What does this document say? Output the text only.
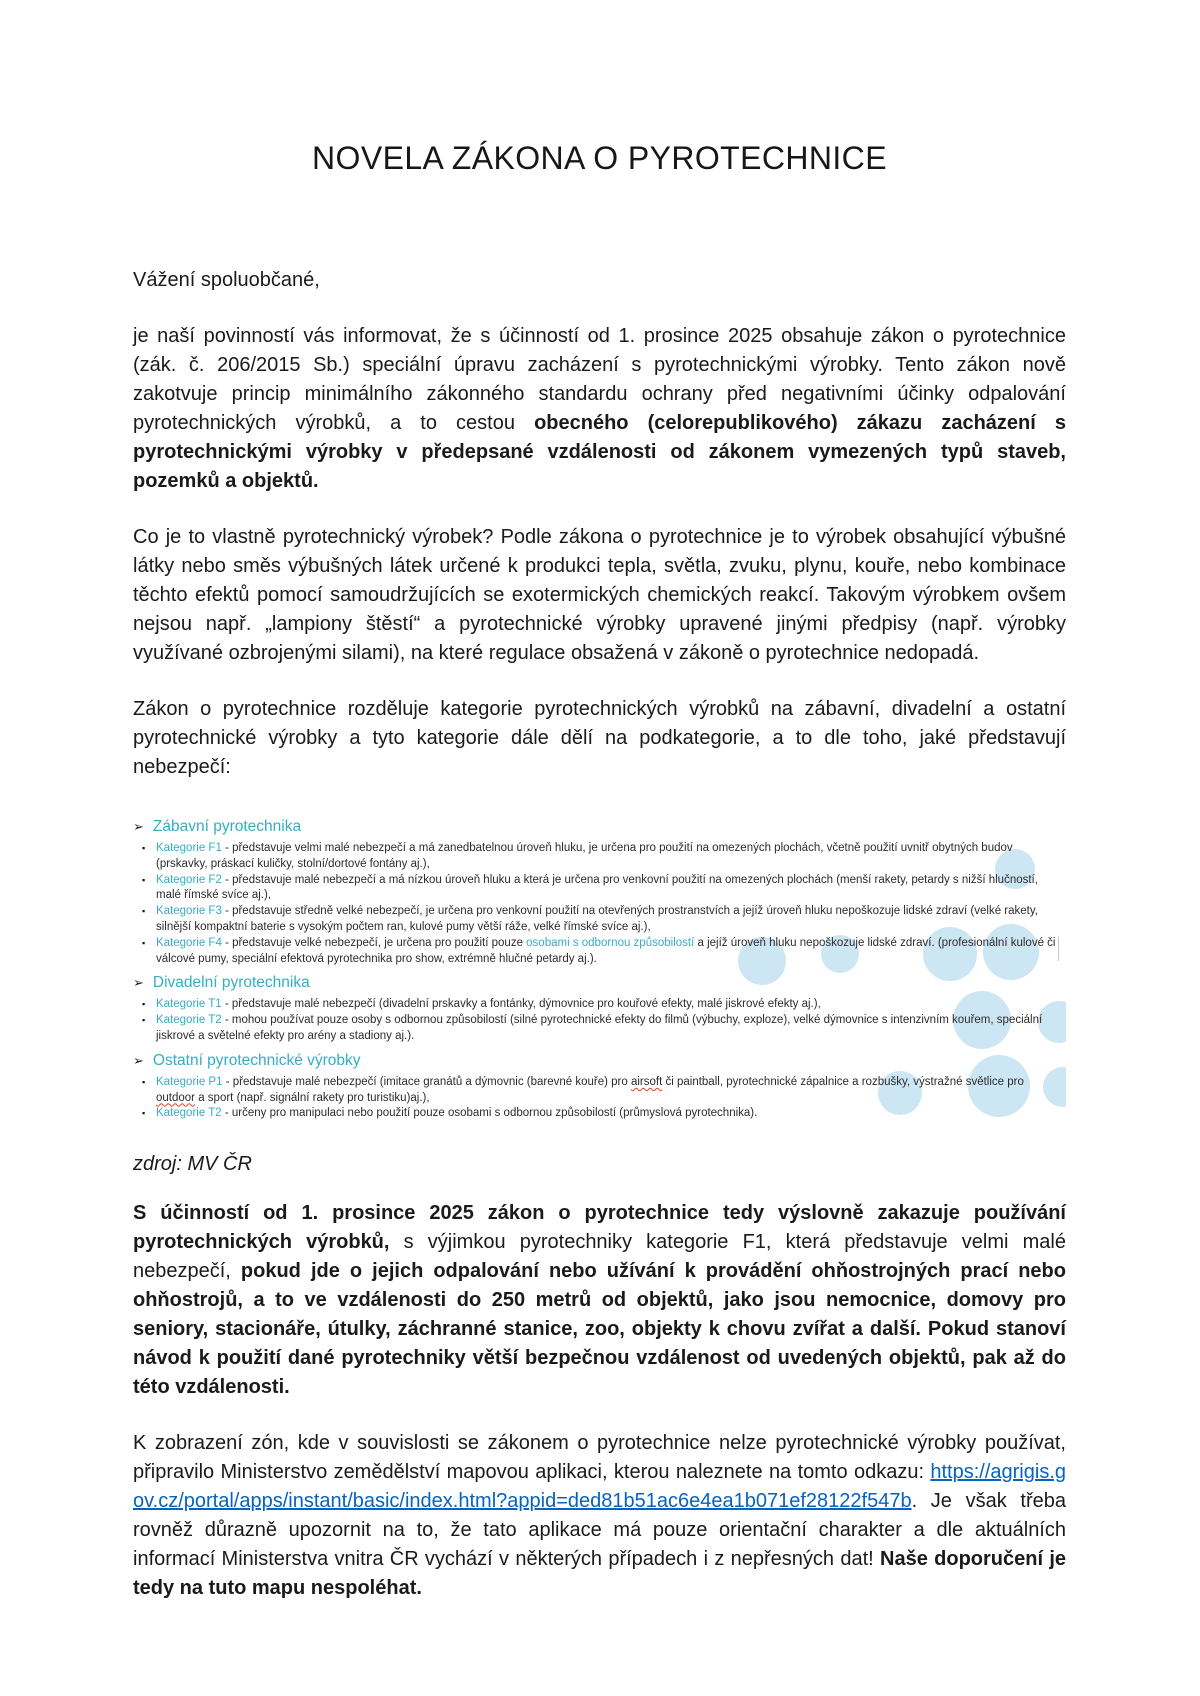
NOVELA ZÁKONA O PYROTECHNICE

Vážení spoluobčané,

je naší povinností vás informovat, že s účinností od 1. prosince 2025 obsahuje zákon o pyrotechnice (zák. č. 206/2015 Sb.) speciální úpravu zacházení s pyrotechnickými výrobky. Tento zákon nově zakotvuje princip minimálního zákonného standardu ochrany před negativními účinky odpalování pyrotechnických výrobků, a to cestou obecného (celorepublikového) zákazu zacházení s pyrotechnickými výrobky v předepsané vzdálenosti od zákonem vymezených typů staveb, pozemků a objektů.

Co je to vlastně pyrotechnický výrobek? Podle zákona o pyrotechnice je to výrobek obsahující výbušné látky nebo směs výbušných látek určené k produkci tepla, světla, zvuku, plynu, kouře, nebo kombinace těchto efektů pomocí samoudržujících se exotermických chemických reakcí. Takovým výrobkem ovšem nejsou např. „lampiony štěstí“ a pyrotechnické výrobky upravené jinými předpisy (např. výrobky využívané ozbrojenými silami), na které regulace obsažená v zákoně o pyrotechnice nedopadá.

Zákon o pyrotechnice rozděluje kategorie pyrotechnických výrobků na zábavní, divadelní a ostatní pyrotechnické výrobky a tyto kategorie dále dělí na podkategorie, a to dle toho, jaké představují nebezpečí:

➢ Zábavní pyrotechnika
▪ Kategorie F1 - představuje velmi malé nebezpečí a má zanedbatelnou úroveň hluku, je určena pro použití na omezených plochách, včetně použití uvnitř obytných budov (prskavky, práskací kuličky, stolní/dortové fontány aj.),
▪ Kategorie F2 - představuje malé nebezpečí a má nízkou úroveň hluku a která je určena pro venkovní použití na omezených plochách (menší rakety, petardy s nižší hlučností, malé římské svíce aj.),
▪ Kategorie F3 - představuje středně velké nebezpečí, je určena pro venkovní použití na otevřených prostranstvích a jejíž úroveň hluku nepoškozuje lidské zdraví (velké rakety, silnější kompaktní baterie s vysokým počtem ran, kulové pumy větší ráže, velké římské svíce aj.),
▪ Kategorie F4 - představuje velké nebezpečí, je určena pro použití pouze osobami s odbornou způsobilostí a jejíž úroveň hluku nepoškozuje lidské zdraví. (profesionální kulové či válcové pumy, speciální efektová pyrotechnika pro show, extrémně hlučné petardy aj.).
➢ Divadelní pyrotechnika
▪ Kategorie T1 - představuje malé nebezpečí (divadelní prskavky a fontánky, dýmovnice pro kouřové efekty, malé jiskrové efekty aj.),
▪ Kategorie T2 - mohou používat pouze osoby s odbornou způsobilostí (silné pyrotechnické efekty do filmů (výbuchy, exploze), velké dýmovnice s intenzivním kouřem, speciální jiskrové a světelné efekty pro arény a stadiony aj.).
➢ Ostatní pyrotechnické výrobky
▪ Kategorie P1 - představuje malé nebezpečí (imitace granátů a dýmovnic (barevné kouře) pro airsoft či paintball, pyrotechnické zápalnice a rozbušky, výstražné světlice pro outdoor a sport (např. signální rakety pro turistiku)aj.),
▪ Kategorie T2 - určeny pro manipulaci nebo použití pouze osobami s odbornou způsobilostí (průmyslová pyrotechnika).

zdroj: MV ČR

S účinností od 1. prosince 2025 zákon o pyrotechnice tedy výslovně zakazuje používání pyrotechnických výrobků, s výjimkou pyrotechniky kategorie F1, která představuje velmi malé nebezpečí, pokud jde o jejich odpalování nebo užívání k provádění ohňostrojných prací nebo ohňostrojů, a to ve vzdálenosti do 250 metrů od objektů, jako jsou nemocnice, domovy pro seniory, stacionáře, útulky, záchranné stanice, zoo, objekty k chovu zvířat a další. Pokud stanoví návod k použití dané pyrotechniky větší bezpečnou vzdálenost od uvedených objektů, pak až do této vzdálenosti.

K zobrazení zón, kde v souvislosti se zákonem o pyrotechnice nelze pyrotechnické výrobky používat, připravilo Ministerstvo zemědělství mapovou aplikaci, kterou naleznete na tomto odkazu: https://agrigis.gov.cz/portal/apps/instant/basic/index.html?appid=ded81b51ac6e4ea1b071ef28122f547b. Je však třeba rovněž důrazně upozornit na to, že tato aplikace má pouze orientační charakter a dle aktuálních informací Ministerstva vnitra ČR vychází v některých případech i z nepřesných dat! Naše doporučení je tedy na tuto mapu nespoléhat.
